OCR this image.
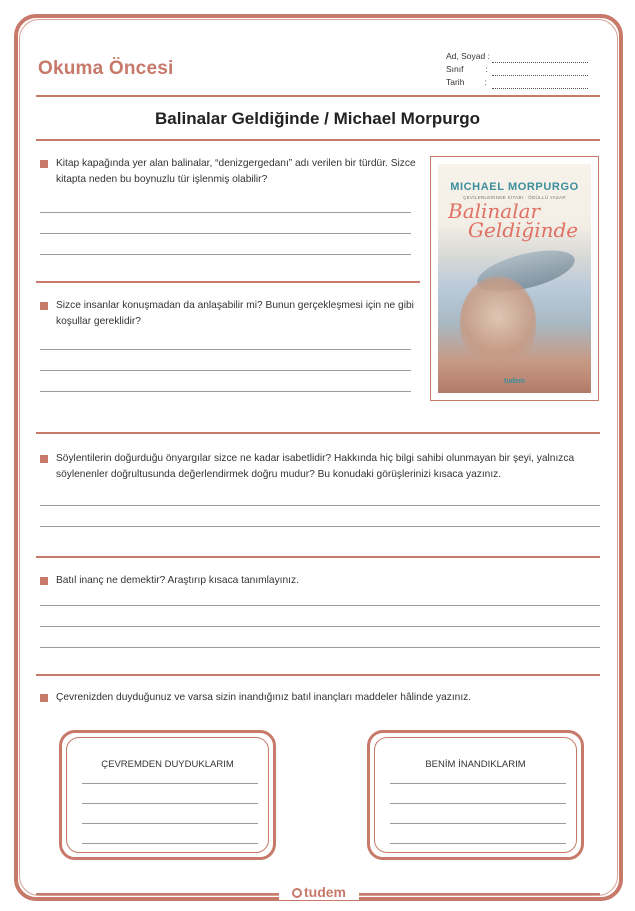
Okuma Öncesi
Ad, Soyad :
Sınıf	:
Tarih :
Balinalar Geldiğinde / Michael Morpurgo
Kitap kapağında yer alan balinalar, “denizgergedanı” adı verilen bir türdür. Sizce kitapta neden bu boynuzlu tür işlenmiş olabilir?
Sizce insanlar konuşmadan da anlaşabilir mi? Bunun gerçekleşmesi için ne gibi koşullar gereklidir?
MICHAEL MORPURGO
ÇEVİLERLERİNDE KİTABI · ÖDÜLLÜ YAZAR
Balinalar
Geldiğinde
tudem
Söylentilerin doğurduğu önyargılar sizce ne kadar isabetlidir? Hakkında hiç bilgi sahibi olunmayan bir şeyi, yalnızca söylenenler doğrultusunda değerlendirmek doğru mudur? Bu konudaki görüşlerinizi kısaca yazınız.
Batıl inanç ne demektir? Araştırıp kısaca tanımlayınız.
Çevrenizden duyduğunuz ve varsa sizin inandığınız batıl inançları maddeler hâlinde yazınız.
ÇEVREMDEN DUYDUKLARIM	BENİM İNANDIKLARIM
tudem
